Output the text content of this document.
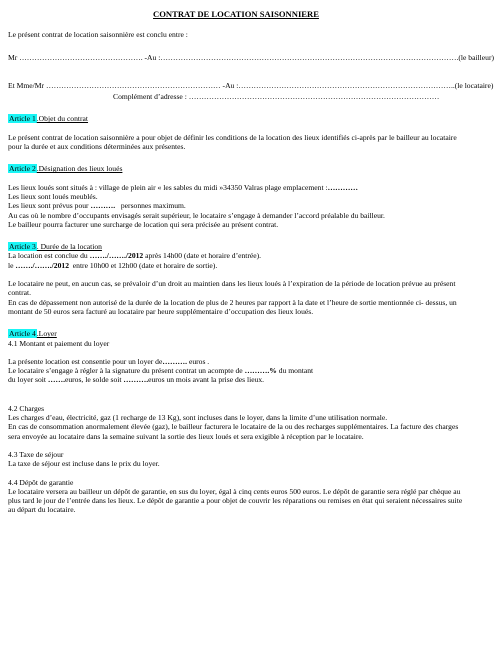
CONTRAT DE LOCATION SAISONNIERE

Le présent contrat de location saisonnière est conclu entre :

Mr
…………………………………………. -Au : ………………………………………………………………………………………………………. (le bailleur)
Et Mme/Mr
…………………………………………………………… -Au : ………………………………………………………………………….. (le locataire)
Complément d’adresse :
………………………………………………………………………………………

Article 1.Objet du contrat

Le présent contrat de location saisonnière a pour objet de définir les conditions de la location des lieux identifiés ci-après par le bailleur au locataire pour la durée et aux conditions déterminées aux présentes.

Article 2.Désignation des lieux loués

Les lieux loués sont situés à : village de plein air « les sables du midi »34350 Valras plage emplacement :…………

Les lieux sont loués meublés.

Les lieux sont prévus pour ………. personnes maximum.

Au cas où le nombre d’occupants envisagés serait supérieur, le locataire s’engage à demander l’accord préalable du bailleur.

Le bailleur pourra facturer une surcharge de location qui sera précisée au présent contrat.

Article 3. Durée de la location

La location est conclue du ……./……./2012 après 14h00 (date et horaire d’entrée).

le ……./……./2012 entre 10h00 et 12h00 (date et horaire de sortie).

Le locataire ne peut, en aucun cas, se prévaloir d’un droit au maintien dans les lieux loués à l’expiration de la période de location prévue au présent contrat.

En cas de dépassement non autorisé de la durée de la location de plus de 2 heures par rapport à la date et l’heure de sortie mentionnée ci- dessus, un montant de 50 euros sera facturé au locataire par heure supplémentaire d’occupation des lieux loués.

Article 4.Loyer

4.1 Montant et paiement du loyer

La présente location est consentie pour un loyer de………. euros .

Le locataire s’engage à régler à la signature du présent contrat un acompte de ……….% du montant

du loyer soit …….euros, le solde soit ……….euros un mois avant la prise des lieux.

4.2 Charges

Les charges d’eau, électricité, gaz (1 recharge de 13 Kg), sont incluses dans le loyer, dans la limite d’une utilisation normale.

En cas de consommation anormalement élevée (gaz), le bailleur facturera le locataire de la ou des recharges supplémentaires. La facture des charges sera envoyée au locataire dans la semaine suivant la sortie des lieux loués et sera exigible à réception par le locataire.

4.3 Taxe de séjour

La taxe de séjour est incluse dans le prix du loyer.

4.4 Dépôt de garantie

Le locataire versera au bailleur un dépôt de garantie, en sus du loyer, égal à cinq cents euros 500 euros. Le dépôt de garantie sera réglé par chèque au plus tard le jour de l’entrée dans les lieux. Le dépôt de garantie a pour objet de couvrir les réparations ou remises en état qui seraient nécessaires suite au départ du locataire.
